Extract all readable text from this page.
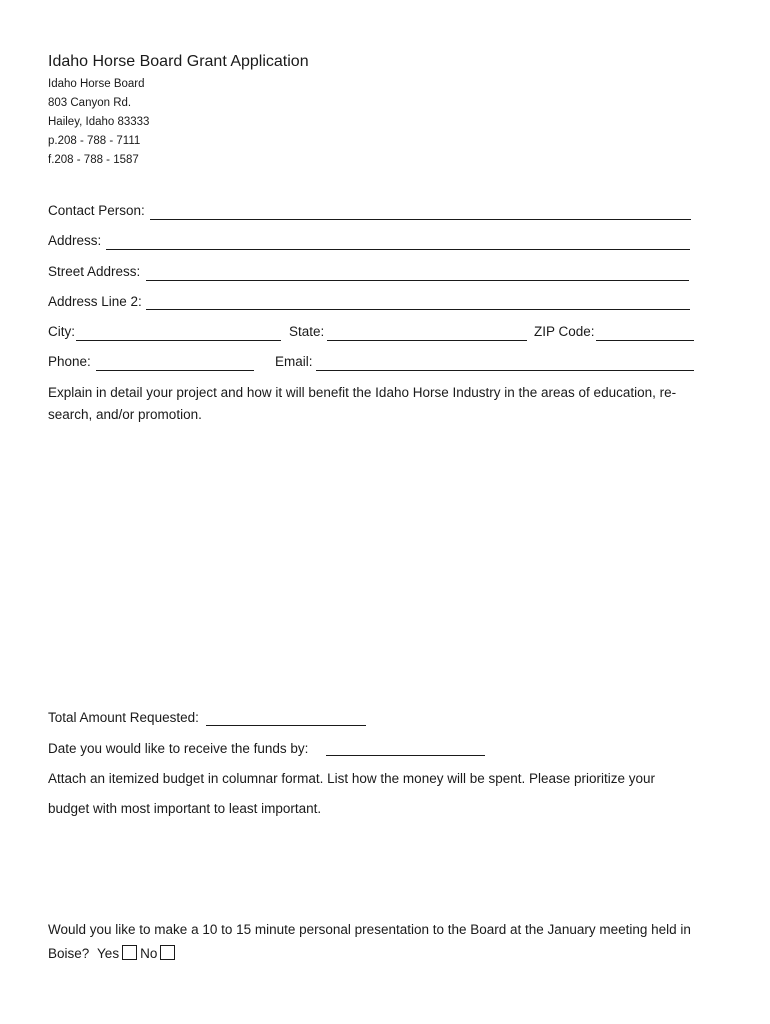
Idaho Horse Board Grant Application
Idaho Horse Board
803 Canyon Rd.
Hailey, Idaho 83333
p.208 - 788 - 7111
f.208 - 788 - 1587
Contact Person:
Address:
Street Address:
Address Line 2:
City:	State:	ZIP Code:
Phone:	Email:
Explain in detail your project and how it will benefit the Idaho Horse Industry in the areas of education, re-
search, and/or promotion.
Total Amount Requested:
Date you would like to receive the funds by:
Attach an itemized budget in columnar format. List how the money will be spent. Please prioritize your
budget with most important to least important.
Would you like to make a 10 to 15 minute personal presentation to the Board at the January meeting held in
Boise? Yes No
